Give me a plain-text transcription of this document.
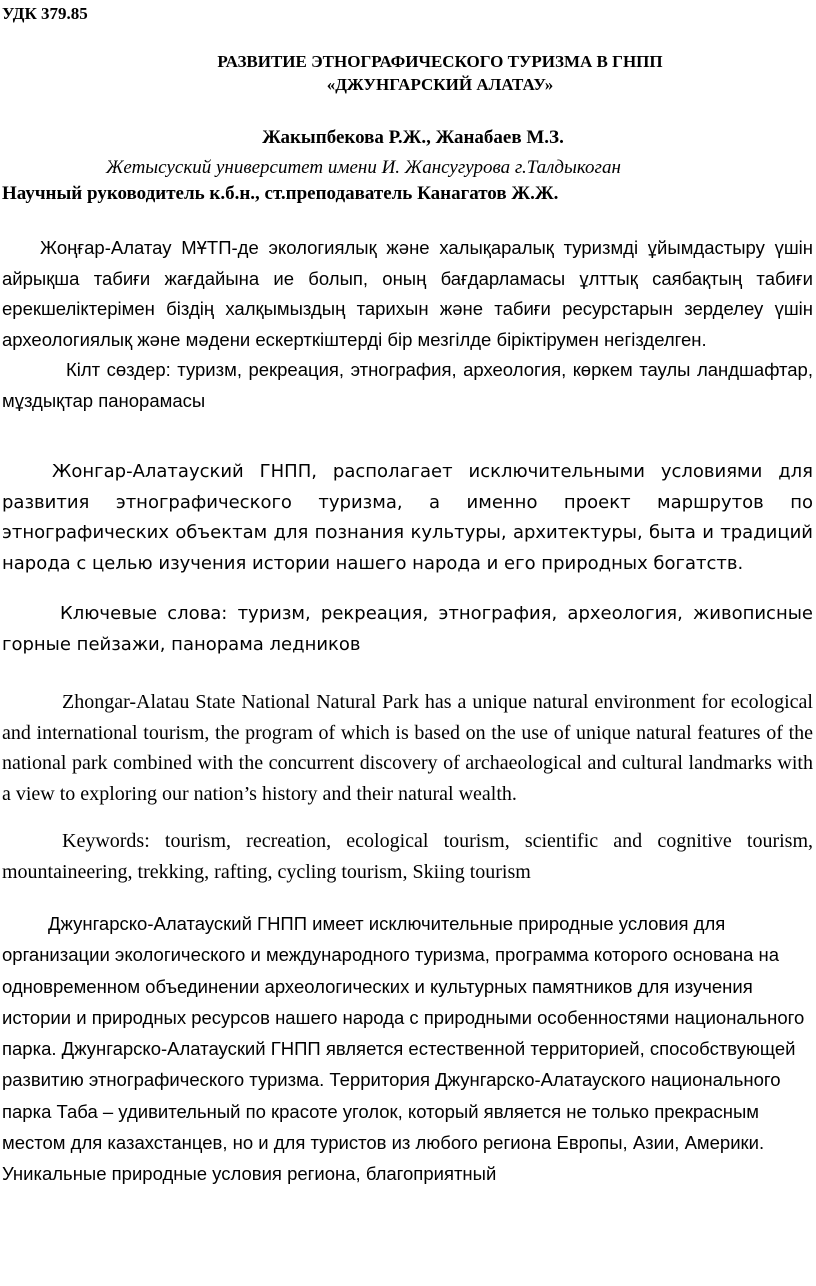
УДК 379.85
РАЗВИТИЕ ЭТНОГРАФИЧЕСКОГО ТУРИЗМА В ГНПП
«ДЖУНГАРСКИЙ АЛАТАУ»
Жакыпбекова Р.Ж., Жанабаев М.З.
Жетысуский университет имени И. Жансугурова г.Талдыкоган
Научный руководитель к.б.н., ст.преподаватель Канагатов Ж.Ж.
Жоңғар-Алатау МҰТП-де экологиялық және халықаралық туризмді ұйымдастыру үшін айрықша табиғи жағдайына ие болып, оның бағдарламасы ұлттық саябақтың табиғи ерекшеліктерімен біздің халқымыздың тарихын және табиғи ресурстарын зерделеу үшін археологиялық және мәдени ескерткіштерді бір мезгілде біріктірумен негізделген.
Кілт сөздер: туризм, рекреация, этнография, археология, көркем таулы ландшафтар, мұздықтар панорамасы
Жонгар-Алатауский ГНПП, располагает исключительными условиями для развития этнографического туризма, а именно проект маршрутов по этнографических объектам для познания культуры, архитектуры, быта и традиций народа с целью изучения истории нашего народа и его природных богатств.
Ключевые слова: туризм, рекреация, этнография, археология, живописные горные пейзажи, панорама ледников
Zhongar-Alatau State National Natural Park has a unique natural environment for ecological and international tourism, the program of which is based on the use of unique natural features of the national park combined with the concurrent discovery of archaeological and cultural landmarks with a view to exploring our nation’s history and their natural wealth.
Keywords: tourism, recreation, ecological tourism, scientific and cognitive tourism, mountaineering, trekking, rafting, cycling tourism, Skiing tourism
Джунгарско-Алатауский ГНПП имеет исключительные природные условия для организации экологического и международного туризма, программа которого основана на одновременном объединении археологических и культурных памятников для изучения истории и природных ресурсов нашего народа с природными особенностями национального парка. Джунгарско-Алатауский ГНПП является естественной территорией, способствующей развитию этнографического туризма. Территория Джунгарско-Алатауского национального парка Таба – удивительный по красоте уголок, который является не только прекрасным местом для казахстанцев, но и для туристов из любого региона Европы, Азии, Америки. Уникальные природные условия региона, благоприятный
